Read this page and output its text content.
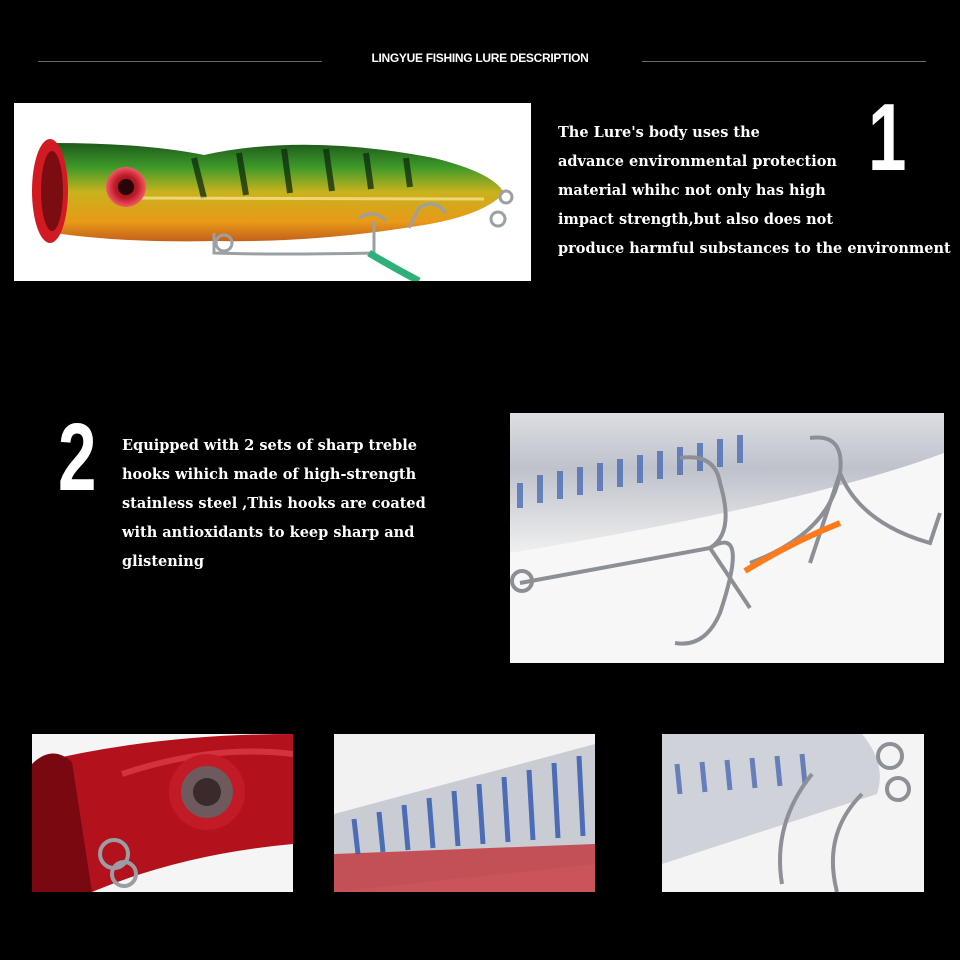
LINGYUE FISHING LURE DESCRIPTION
1
The Lure's body uses the
advance environmental protection
material whihc not only has high
impact strength,but also does not
produce harmful substances to the environment
2 Equipped with 2 sets of sharp treble
hooks wihich made of high-strength
stainless steel ,This hooks are coated
with antioxidants to keep sharp and
glistening
